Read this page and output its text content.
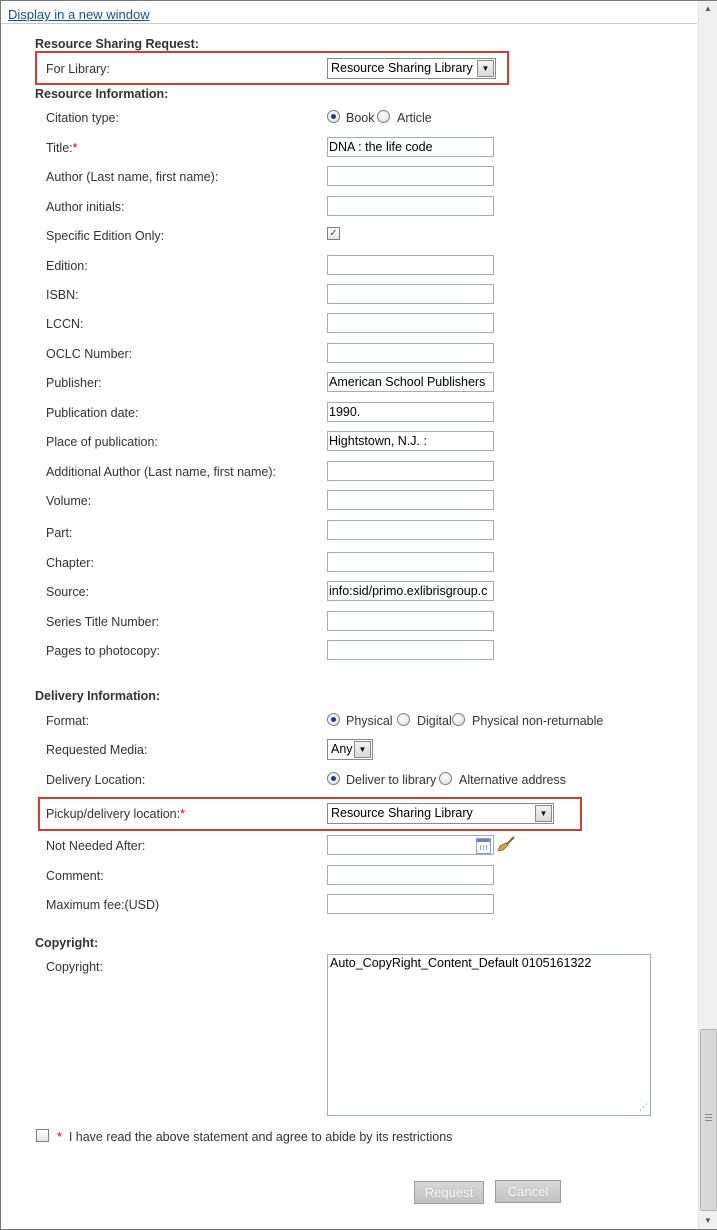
Display in a new window
Resource Sharing Request:
For Library:	Resource Sharing Library	▼
Resource Information:
Citation type:	Book Article
Title:*	DNA : the life code
Author (Last name, first name):
Author initials:
Specific Edition Only:	✓
Edition:
ISBN:
LCCN:
OCLC Number:
Publisher:	American School Publishers
Publication date:	1990.
Place of publication:	Hightstown, N.J. :
Additional Author (Last name, first name):
Volume:
Part:
Chapter:
Source:	info:sid/primo.exlibrisgroup.c
Series Title Number:
Pages to photocopy:
Delivery Information:
Format:	Physical Digital Physical non-returnable
Requested Media:	Any ▼
Delivery Location:	Deliver to library Alternative address
Pickup/delivery location:*	Resource Sharing Library	▼
Not Needed After:
Comment:
Maximum fee:(USD)
Copyright:
Copyright:	Auto_CopyRight_Content_Default 0105161322
⋰
* I have read the above statement and agree to abide by its restrictions
Request	Cancel
▲
▼
